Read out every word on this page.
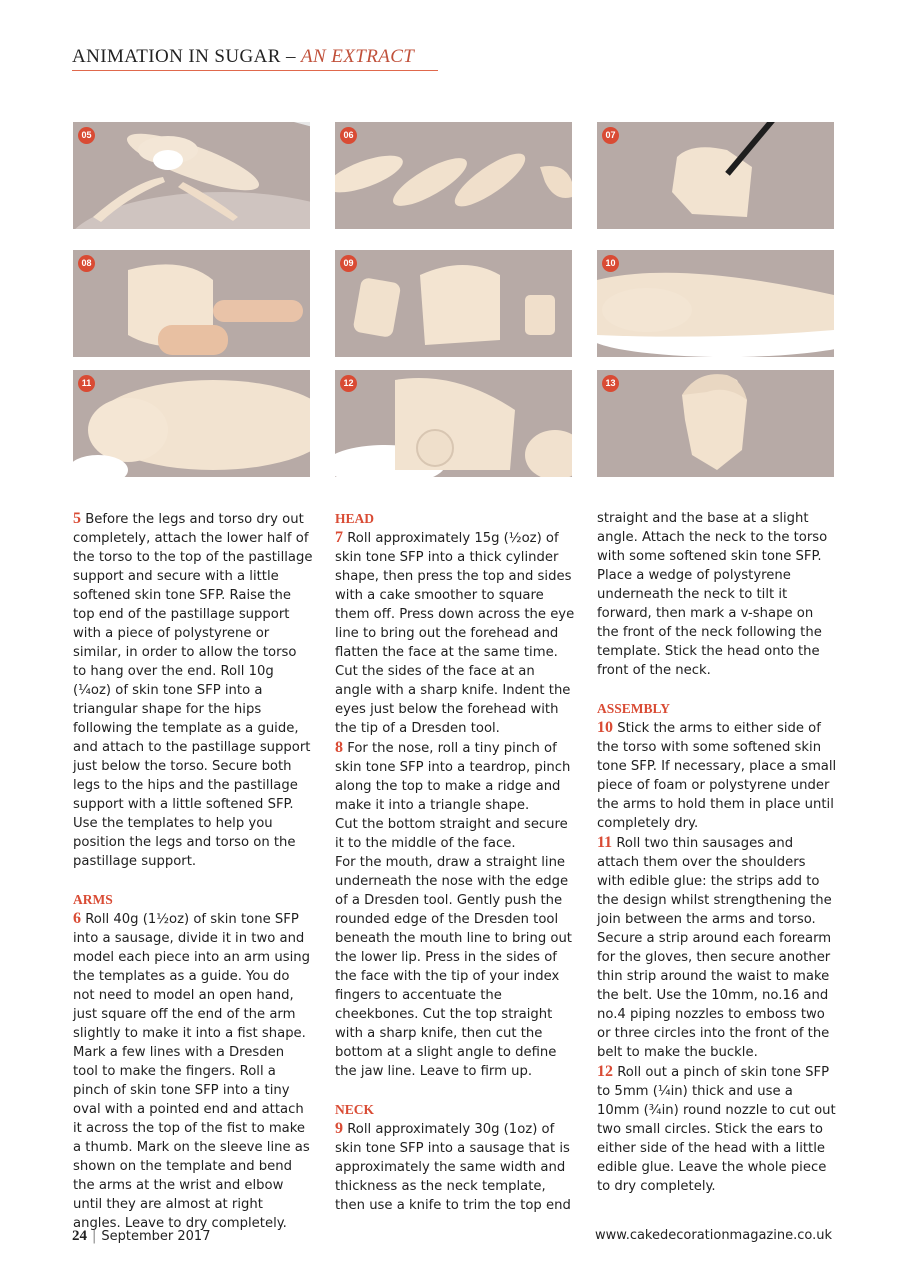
ANIMATION IN SUGAR – AN EXTRACT
05	06	07
08	09	10
11	12	13

5 Before the legs and torso dry out completely, attach the lower half of the torso to the top of the pastillage support and secure with a little softened skin tone SFP. Raise the top end of the pastillage support with a piece of polystyrene or similar, in order to allow the torso to hang over the end. Roll 10g (¼oz) of skin tone SFP into a triangular shape for the hips following the template as a guide, and attach to the pastillage support just below the torso. Secure both legs to the hips and the pastillage support with a little softened SFP. Use the templates to help you position the legs and torso on the pastillage support.

ARMS

6 Roll 40g (1½oz) of skin tone SFP into a sausage, divide it in two and model each piece into an arm using the templates as a guide. You do not need to model an open hand, just square off the end of the arm slightly to make it into a fist shape. Mark a few lines with a Dresden tool to make the fingers. Roll a pinch of skin tone SFP into a tiny oval with a pointed end and attach it across the top of the fist to make a thumb. Mark on the sleeve line as shown on the template and bend the arms at the wrist and elbow until they are almost at right angles. Leave to dry completely.

HEAD

7 Roll approximately 15g (½oz) of skin tone SFP into a thick cylinder shape, then press the top and sides with a cake smoother to square them off. Press down across the eye line to bring out the forehead and flatten the face at the same time. Cut the sides of the face at an angle with a sharp knife. Indent the eyes just below the forehead with the tip of a Dresden tool.

8 For the nose, roll a tiny pinch of skin tone SFP into a teardrop, pinch along the top to make a ridge and make it into a triangle shape.

Cut the bottom straight and secure it to the middle of the face.

For the mouth, draw a straight line underneath the nose with the edge of a Dresden tool. Gently push the rounded edge of the Dresden tool beneath the mouth line to bring out the lower lip. Press in the sides of the face with the tip of your index fingers to accentuate the cheekbones. Cut the top straight with a sharp knife, then cut the bottom at a slight angle to define the jaw line. Leave to firm up.

NECK

9 Roll approximately 30g (1oz) of skin tone SFP into a sausage that is approximately the same width and thickness as the neck template, then use a knife to trim the top end

straight and the base at a slight angle. Attach the neck to the torso with some softened skin tone SFP. Place a wedge of polystyrene underneath the neck to tilt it forward, then mark a v-shape on the front of the neck following the template. Stick the head onto the front of the neck.

ASSEMBLY

10 Stick the arms to either side of the torso with some softened skin tone SFP. If necessary, place a small piece of foam or polystyrene under the arms to hold them in place until completely dry.

11 Roll two thin sausages and attach them over the shoulders with edible glue: the strips add to the design whilst strengthening the join between the arms and torso. Secure a strip around each forearm for the gloves, then secure another thin strip around the waist to make the belt. Use the 10mm, no.16 and no.4 piping nozzles to emboss two or three circles into the front of the belt to make the buckle.

12 Roll out a pinch of skin tone SFP to 5mm (¼in) thick and use a 10mm (¾in) round nozzle to cut out two small circles. Stick the ears to either side of the head with a little edible glue. Leave the whole piece to dry completely.

24 | September 2017	www.cakedecorationmagazine.co.uk
